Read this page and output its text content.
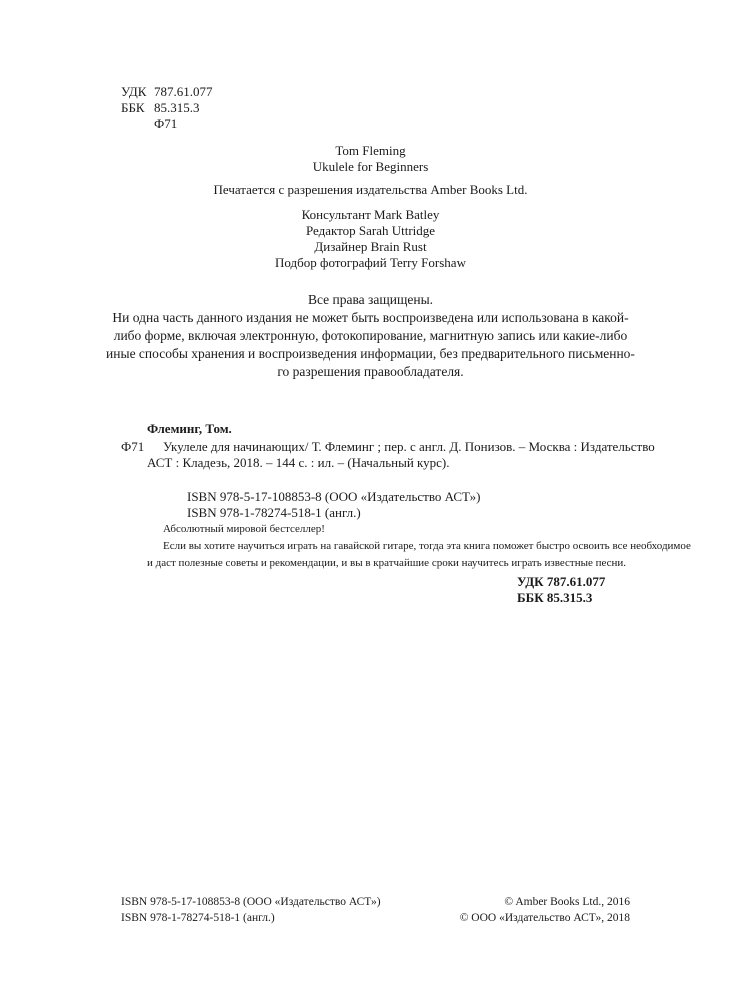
УДК 787.61.077
ББК 85.315.3
Ф71
Tom Fleming
Ukulele for Beginners
Печатается с разрешения издательства Amber Books Ltd.
Консультант Mark Batley
Редактор Sarah Uttridge
Дизайнер Brain Rust
Подбор фотографий Terry Forshaw
Все права защищены.
Ни одна часть данного издания не может быть воспроизведена или использована в какой-
либо форме, включая электронную, фотокопирование, магнитную запись или какие-либо
иные способы хранения и воспроизведения информации, без предварительного письменно-
го разрешения правообладателя.
Флеминг, Том.
Ф71 Укулеле для начинающих/ Т. Флеминг ; пер. с англ. Д. Понизов. – Москва : Издательство
АСТ : Кладезь, 2018. – 144 с. : ил. – (Начальный курс).
ISBN 978-5-17-108853-8 (ООО «Издательство АСТ»)
ISBN 978-1-78274-518-1 (англ.)
Абсолютный мировой бестселлер!
Если вы хотите научиться играть на гавайской гитаре, тогда эта книга поможет быстро освоить все необходимое
и даст полезные советы и рекомендации, и вы в кратчайшие сроки научитесь играть известные песни.
УДК 787.61.077
ББК 85.315.3
ISBN 978-5-17-108853-8 (ООО «Издательство АСТ»)
ISBN 978-1-78274-518-1 (англ.)
© Amber Books Ltd., 2016
© ООО «Издательство АСТ», 2018
